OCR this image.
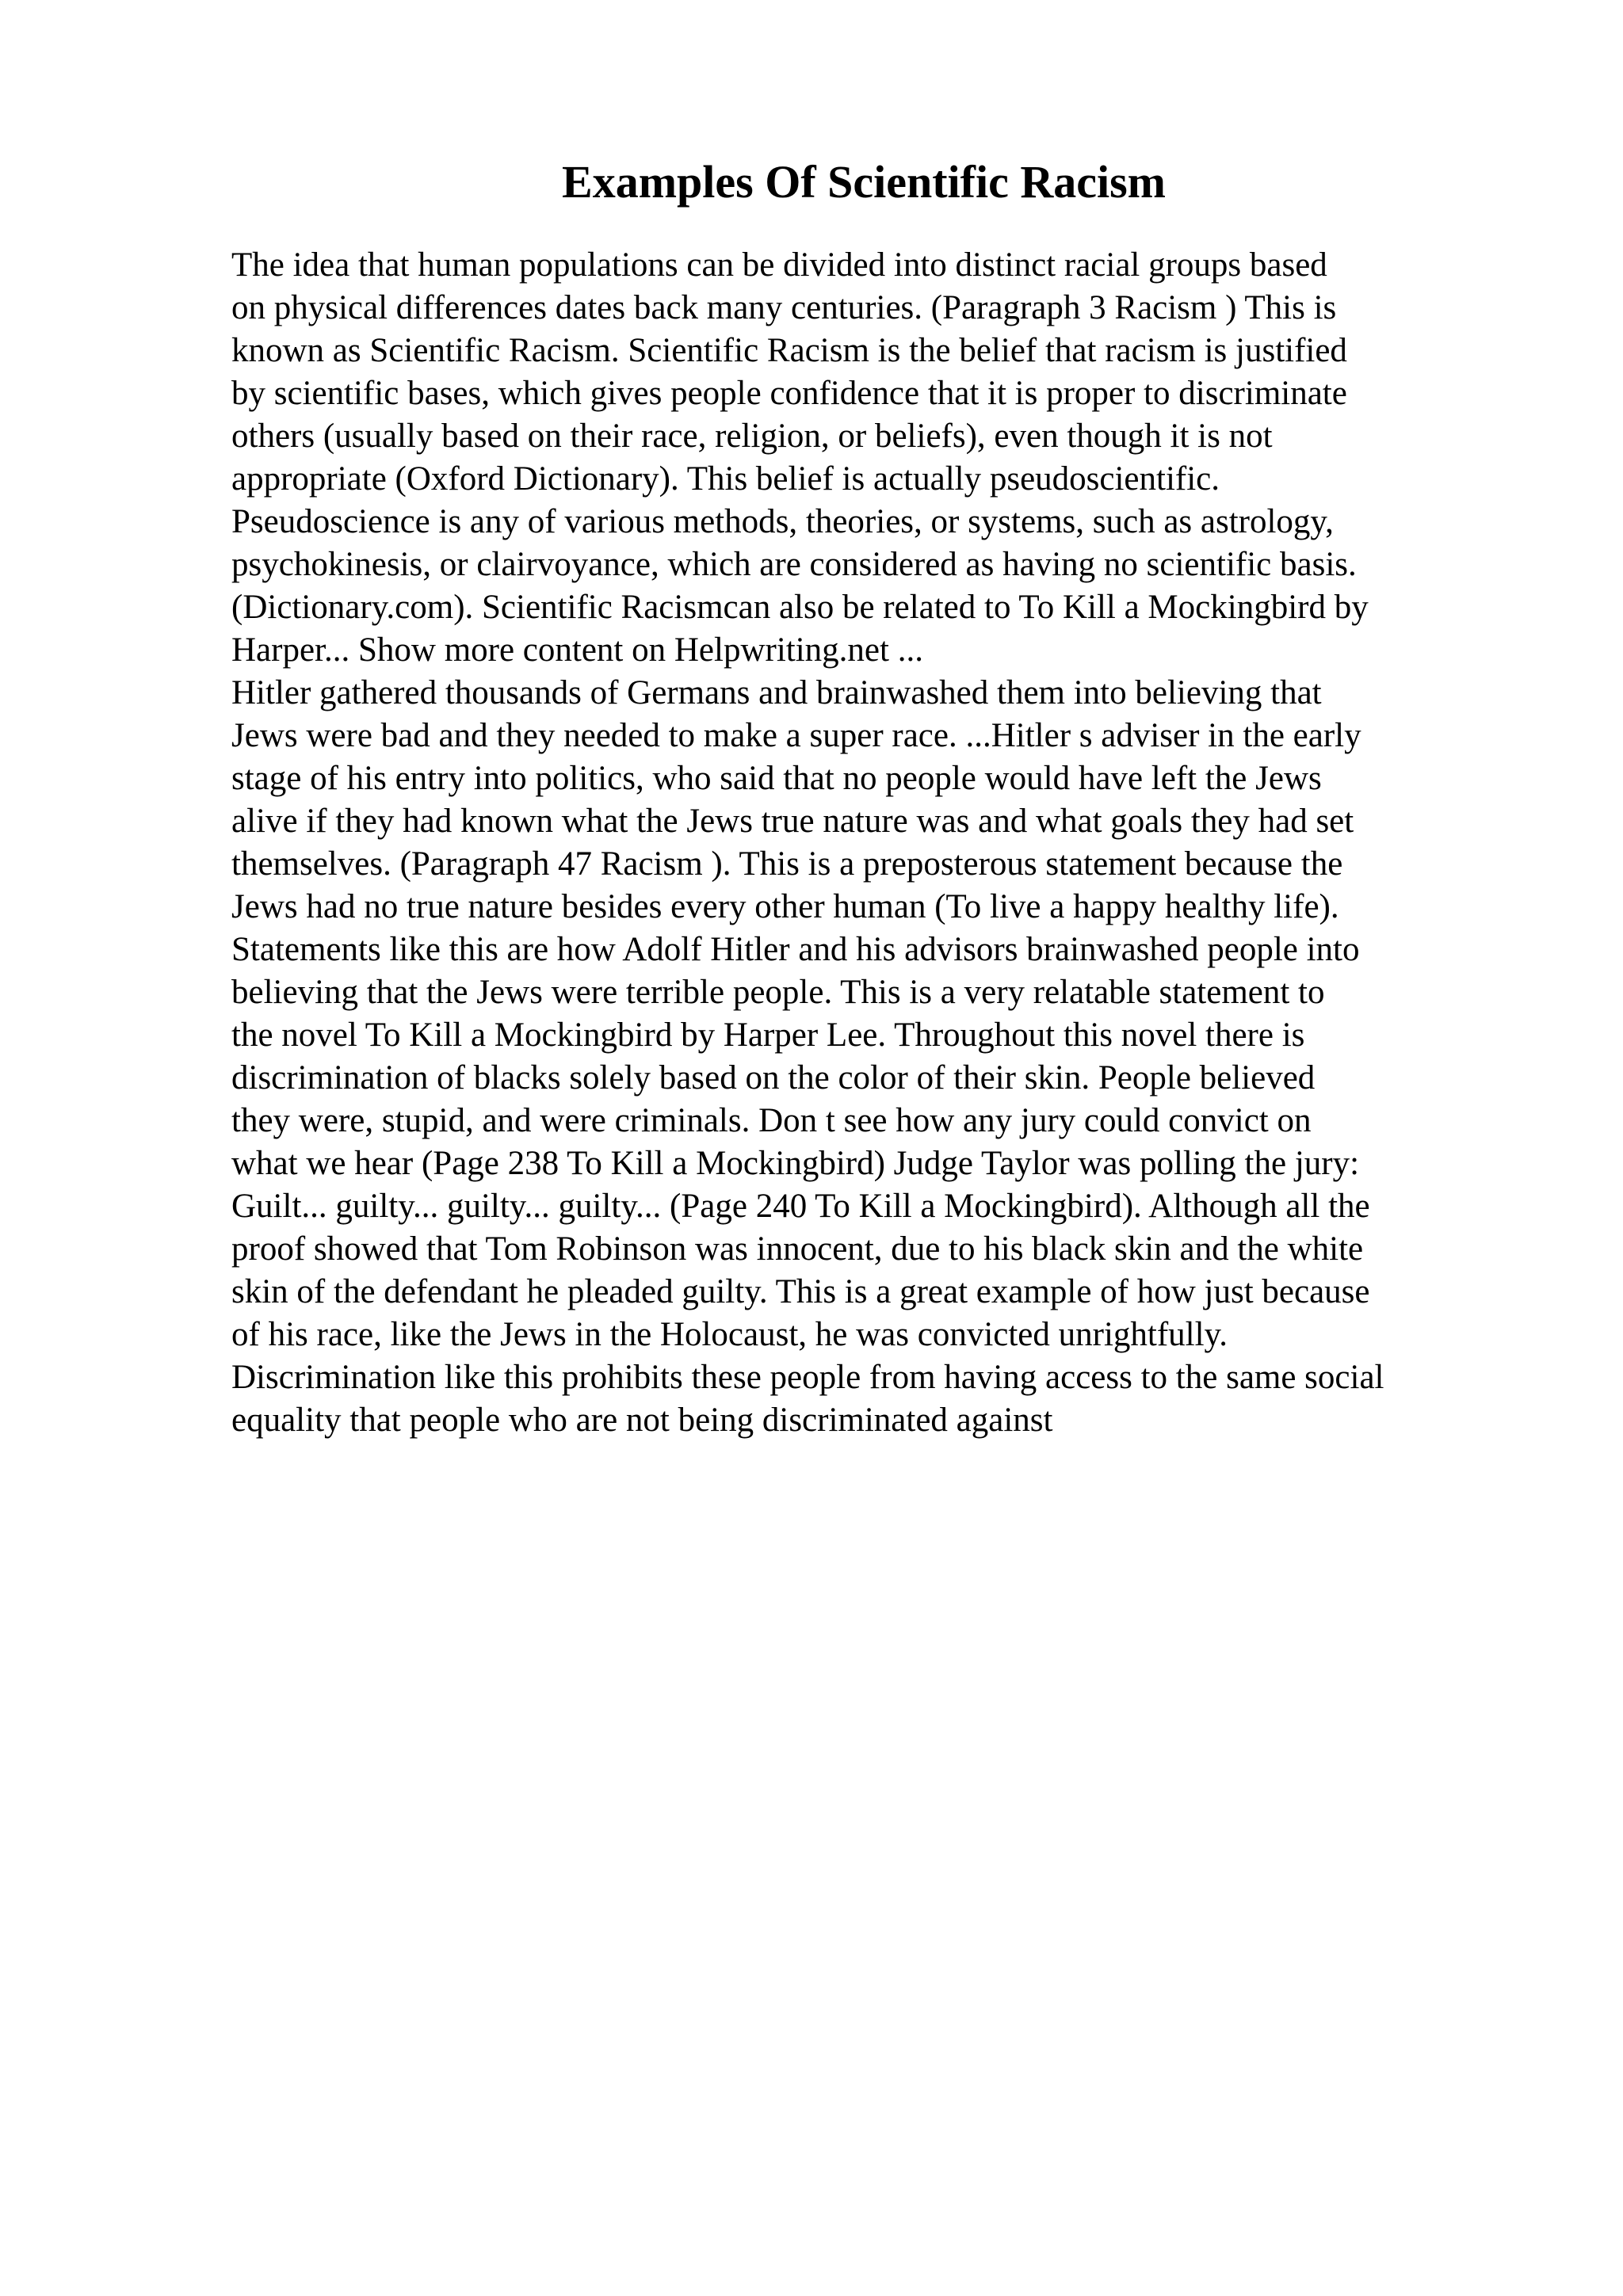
Examples Of Scientific Racism
The idea that human populations can be divided into distinct racial groups based
on physical differences dates back many centuries. (Paragraph 3 Racism ) This is
known as Scientific Racism. Scientific Racism is the belief that racism is justified
by scientific bases, which gives people confidence that it is proper to discriminate
others (usually based on their race, religion, or beliefs), even though it is not
appropriate (Oxford Dictionary). This belief is actually pseudoscientific.
Pseudoscience is any of various methods, theories, or systems, such as astrology,
psychokinesis, or clairvoyance, which are considered as having no scientific basis.
(Dictionary.com). Scientific Racismcan also be related to To Kill a Mockingbird by
Harper... Show more content on Helpwriting.net ...
Hitler gathered thousands of Germans and brainwashed them into believing that
Jews were bad and they needed to make a super race. ...Hitler s adviser in the early
stage of his entry into politics, who said that no people would have left the Jews
alive if they had known what the Jews true nature was and what goals they had set
themselves. (Paragraph 47 Racism ). This is a preposterous statement because the
Jews had no true nature besides every other human (To live a happy healthy life).
Statements like this are how Adolf Hitler and his advisors brainwashed people into
believing that the Jews were terrible people. This is a very relatable statement to
the novel To Kill a Mockingbird by Harper Lee. Throughout this novel there is
discrimination of blacks solely based on the color of their skin. People believed
they were, stupid, and were criminals. Don t see how any jury could convict on
what we hear (Page 238 To Kill a Mockingbird) Judge Taylor was polling the jury:
Guilt... guilty... guilty... guilty... (Page 240 To Kill a Mockingbird). Although all the
proof showed that Tom Robinson was innocent, due to his black skin and the white
skin of the defendant he pleaded guilty. This is a great example of how just because
of his race, like the Jews in the Holocaust, he was convicted unrightfully.
Discrimination like this prohibits these people from having access to the same social
equality that people who are not being discriminated against
